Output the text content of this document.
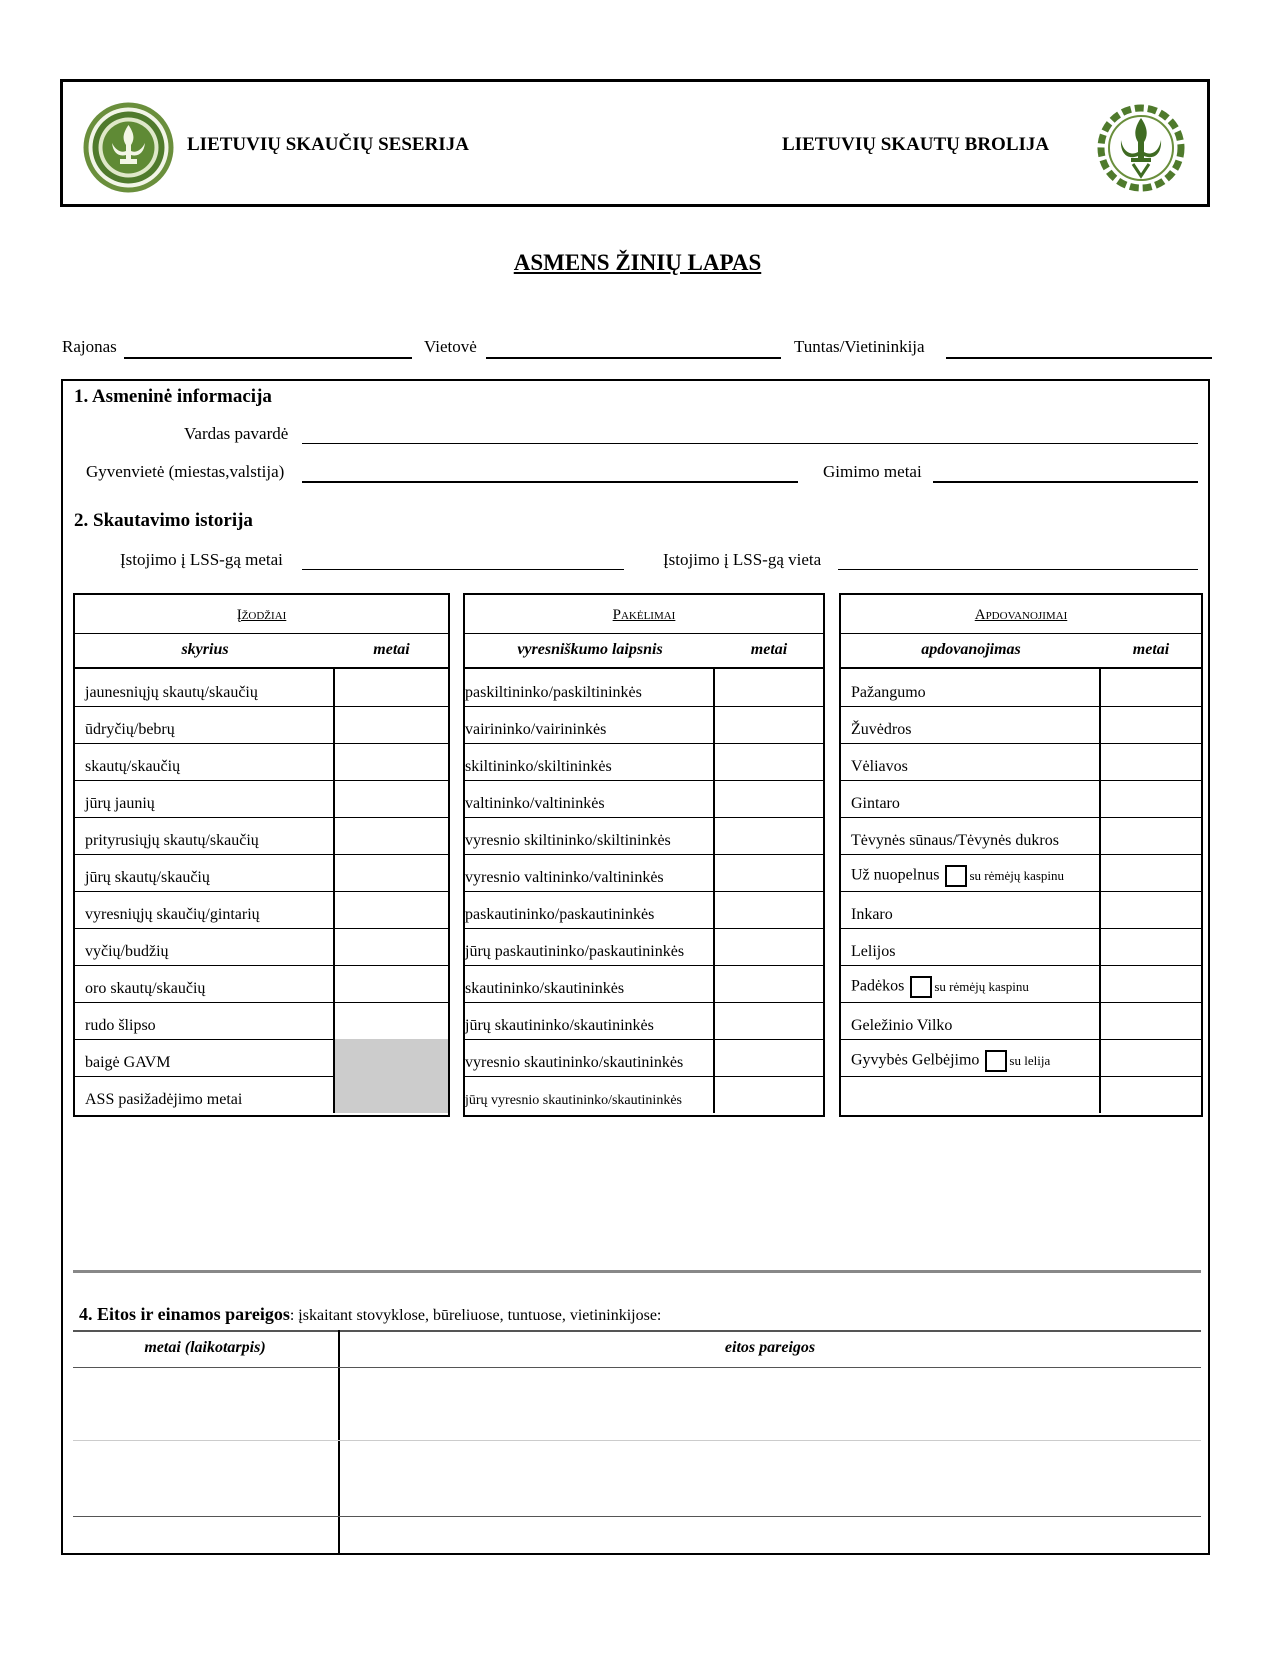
LIETUVIŲ SKAUČIŲ SESERIJA	LIETUVIŲ SKAUTŲ BROLIJA
ASMENS ŽINIŲ LAPAS
Rajonas	Vietovė	Tuntas/Vietininkija
1. Asmeninė informacija
Vardas pavardė
Gyvenvietė (miestas,valstija)	Gimimo metai
2. Skautavimo istorija
Įstojimo į LSS-gą metai	Įstojimo į LSS-gą vieta
Įžodžiai
skyrius	metai
jaunesniųjų skautų/skaučių
ūdryčių/bebrų
skautų/skaučių
jūrų jaunių
prityrusiųjų skautų/skaučių
jūrų skautų/skaučių
vyresniųjų skaučių/gintarių
vyčių/budžių
oro skautų/skaučių
rudo šlipso
baigė GAVM
ASS pasižadėjimo metai
Pakėlimai
vyresniškumo laipsnis	metai
paskiltininko/paskiltininkės
vairininko/vairininkės
skiltininko/skiltininkės
valtininko/valtininkės
vyresnio skiltininko/skiltininkės
vyresnio valtininko/valtininkės
paskautininko/paskautininkės
jūrų paskautininko/paskautininkės
skautininko/skautininkės
jūrų skautininko/skautininkės
vyresnio skautininko/skautininkės
jūrų vyresnio skautininko/skautininkės
Apdovanojimai
apdovanojimas	metai
Pažangumo
Žuvėdros
Vėliavos
Gintaro
Tėvynės sūnaus/Tėvynės dukros
Už nuopelnus su rėmėjų kaspinu
Inkaro
Lelijos
Padėkos su rėmėjų kaspinu
Geležinio Vilko
Gyvybės Gelbėjimo su lelija
4. Eitos ir einamos pareigos: įskaitant stovyklose, būreliuose, tuntuose, vietininkijose:
metai (laikotarpis)	eitos pareigos
